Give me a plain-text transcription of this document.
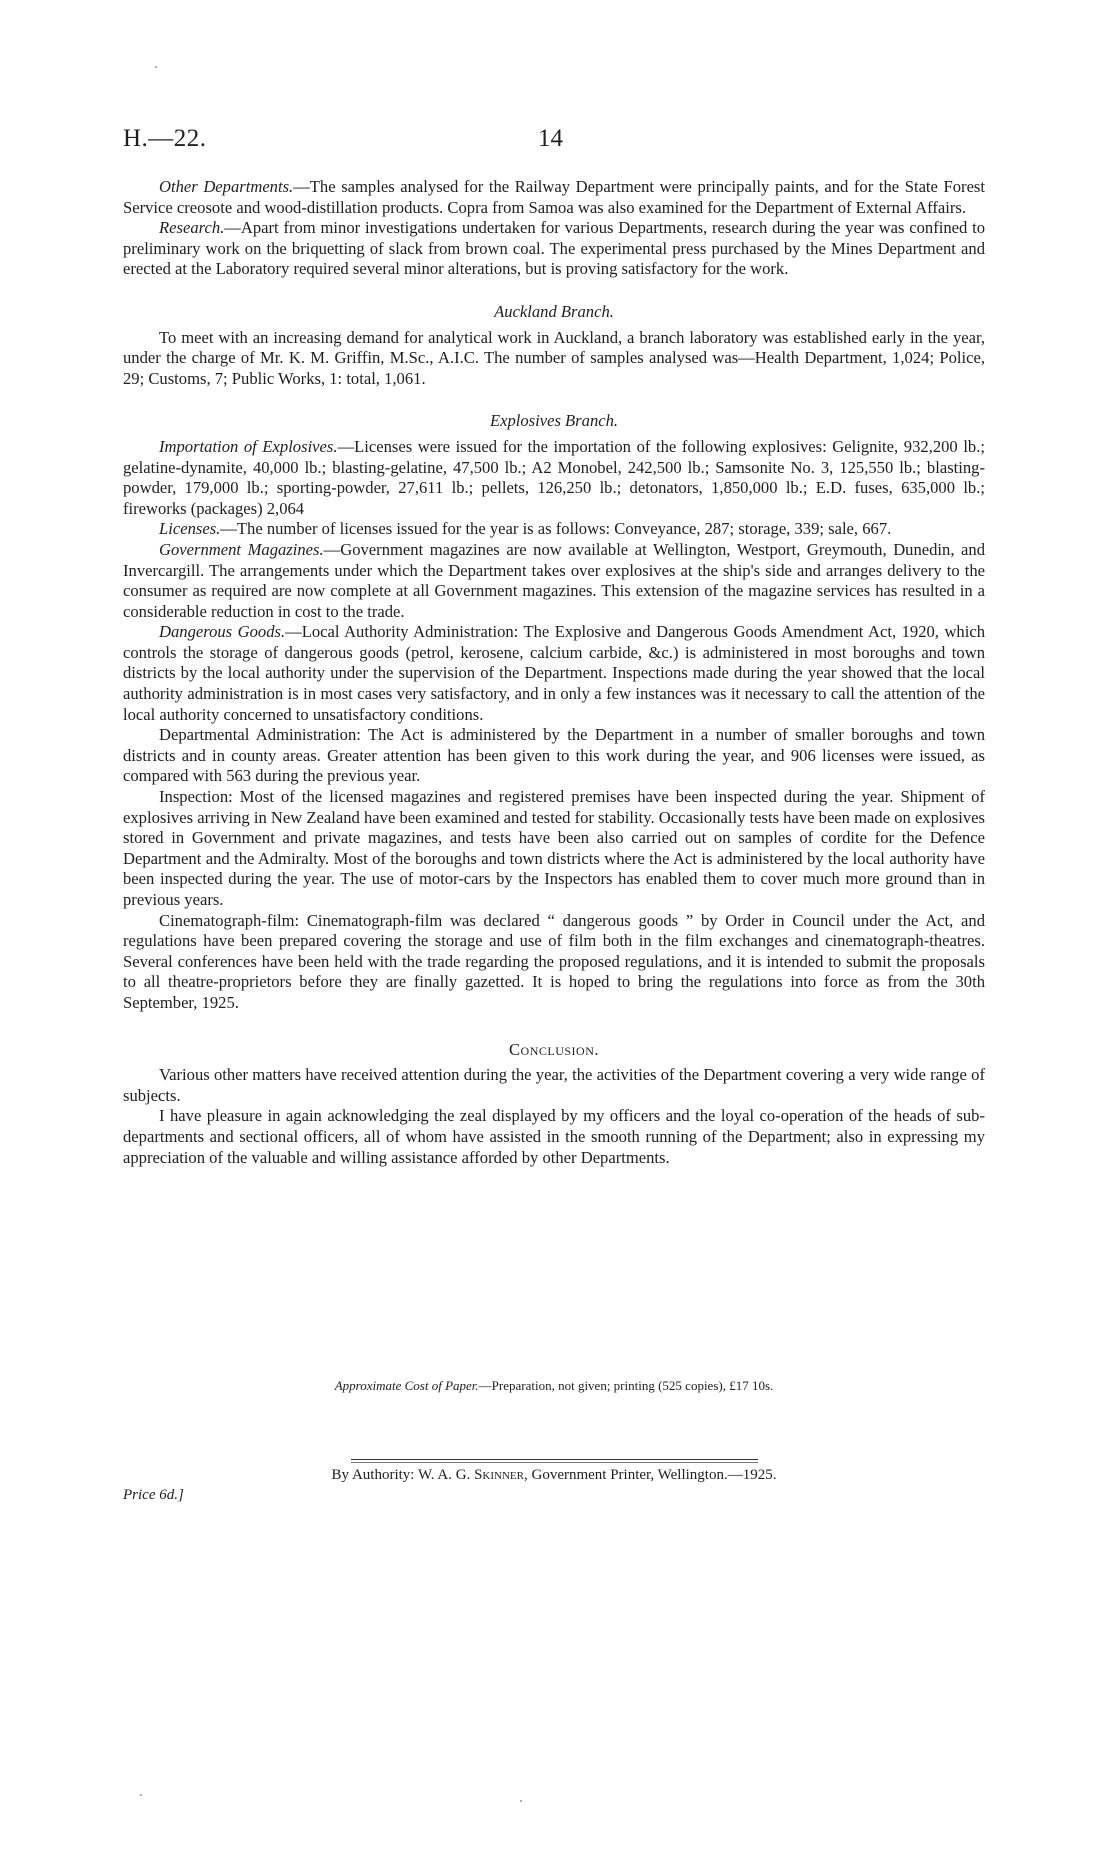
H.—22.	14

Other Departments.—The samples analysed for the Railway Department were principally paints, and for the State Forest Service creosote and wood-distillation products. Copra from Samoa was also examined for the Department of External Affairs.

Research.—Apart from minor investigations undertaken for various Departments, research during the year was confined to preliminary work on the briquetting of slack from brown coal. The experimental press purchased by the Mines Department and erected at the Laboratory required several minor alterations, but is proving satisfactory for the work.

Auckland Branch.

To meet with an increasing demand for analytical work in Auckland, a branch laboratory was established early in the year, under the charge of Mr. K. M. Griffin, M.Sc., A.I.C. The number of samples analysed was—Health Department, 1,024; Police, 29; Customs, 7; Public Works, 1: total, 1,061.

Explosives Branch.

Importation of Explosives.—Licenses were issued for the importation of the following explosives: Gelignite, 932,200 lb.; gelatine-dynamite, 40,000 lb.; blasting-gelatine, 47,500 lb.; A2 Monobel, 242,500 lb.; Samsonite No. 3, 125,550 lb.; blasting-powder, 179,000 lb.; sporting-powder, 27,611 lb.; pellets, 126,250 lb.; detonators, 1,850,000 lb.; E.D. fuses, 635,000 lb.; fireworks (packages) 2,064

Licenses.—The number of licenses issued for the year is as follows: Conveyance, 287; storage, 339; sale, 667.

Government Magazines.—Government magazines are now available at Wellington, Westport, Greymouth, Dunedin, and Invercargill. The arrangements under which the Department takes over explosives at the ship's side and arranges delivery to the consumer as required are now complete at all Government magazines. This extension of the magazine services has resulted in a considerable reduction in cost to the trade.

Dangerous Goods.—Local Authority Administration: The Explosive and Dangerous Goods Amendment Act, 1920, which controls the storage of dangerous goods (petrol, kerosene, calcium carbide, &c.) is administered in most boroughs and town districts by the local authority under the supervision of the Department. Inspections made during the year showed that the local authority administration is in most cases very satisfactory, and in only a few instances was it necessary to call the attention of the local authority concerned to unsatisfactory conditions.

Departmental Administration: The Act is administered by the Department in a number of smaller boroughs and town districts and in county areas. Greater attention has been given to this work during the year, and 906 licenses were issued, as compared with 563 during the previous year.

Inspection: Most of the licensed magazines and registered premises have been inspected during the year. Shipment of explosives arriving in New Zealand have been examined and tested for stability. Occasionally tests have been made on explosives stored in Government and private magazines, and tests have been also carried out on samples of cordite for the Defence Department and the Admiralty. Most of the boroughs and town districts where the Act is administered by the local authority have been inspected during the year. The use of motor-cars by the Inspectors has enabled them to cover much more ground than in previous years.

Cinematograph-film: Cinematograph-film was declared “ dangerous goods ” by Order in Council under the Act, and regulations have been prepared covering the storage and use of film both in the film exchanges and cinematograph-theatres. Several conferences have been held with the trade regarding the proposed regulations, and it is intended to submit the proposals to all theatre-proprietors before they are finally gazetted. It is hoped to bring the regulations into force as from the 30th September, 1925.

Conclusion.

Various other matters have received attention during the year, the activities of the Department covering a very wide range of subjects.

I have pleasure in again acknowledging the zeal displayed by my officers and the loyal co-operation of the heads of sub-departments and sectional officers, all of whom have assisted in the smooth running of the Department; also in expressing my appreciation of the valuable and willing assistance afforded by other Departments.

Approximate Cost of Paper.—Preparation, not given; printing (525 copies), £17 10s.
By Authority: W. A. G. Skinner, Government Printer, Wellington.—1925.
Price 6d.]
